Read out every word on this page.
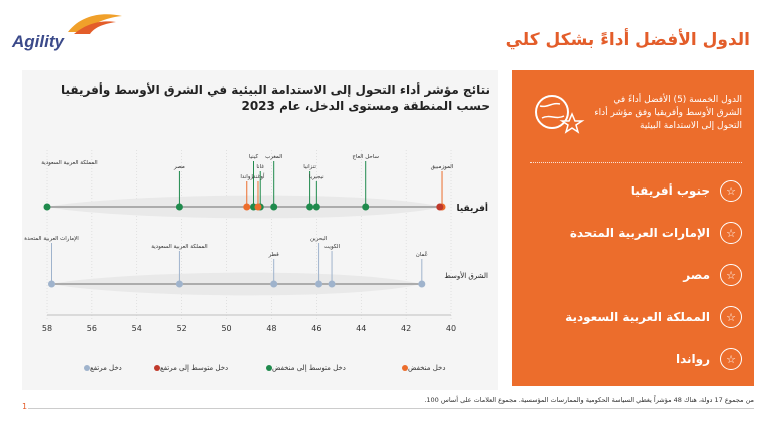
Agility	الدول الأفضل أداءً بشكل كلي
نتائج مؤشر أداء التحول إلى الاستدامة البيئية في الشرق الأوسط وأفريقيا حسب المنطقة ومستوى الدخل، عام 2023
58	56	54	52	50	48	46	44	42	40
أفريقيا
مصر
رواندا
كينيا
غانا
أوغندا
المغرب
تنزانيا
نيجيريا
ساحل العاج
الموزمبيق
المملكة العربية السعودية
الشرق الأوسط
الإمارات العربية المتحدة
المملكة العربية السعودية
قطر
البحرين
الكويت
عُمان
دخل منخفض
دخل متوسط إلى منخفض
دخل متوسط إلى مرتفع
دخل مرتفع
الدول الخمسة (5) الأفضل أداءً في الشرق الأوسط وأفريقيا وفق مؤشر أداء التحول إلى الاستدامة البيئية
☆
جنوب أفريقيا
☆
الإمارات العربية المتحدة
☆
مصر
☆
المملكة العربية السعودية
☆
رواندا
من مجموع 17 دولة، هناك 48 مؤشراً يغطي السياسة الحكومية والممارسات المؤسسية. مجموع العلامات على أساس 100.
1
